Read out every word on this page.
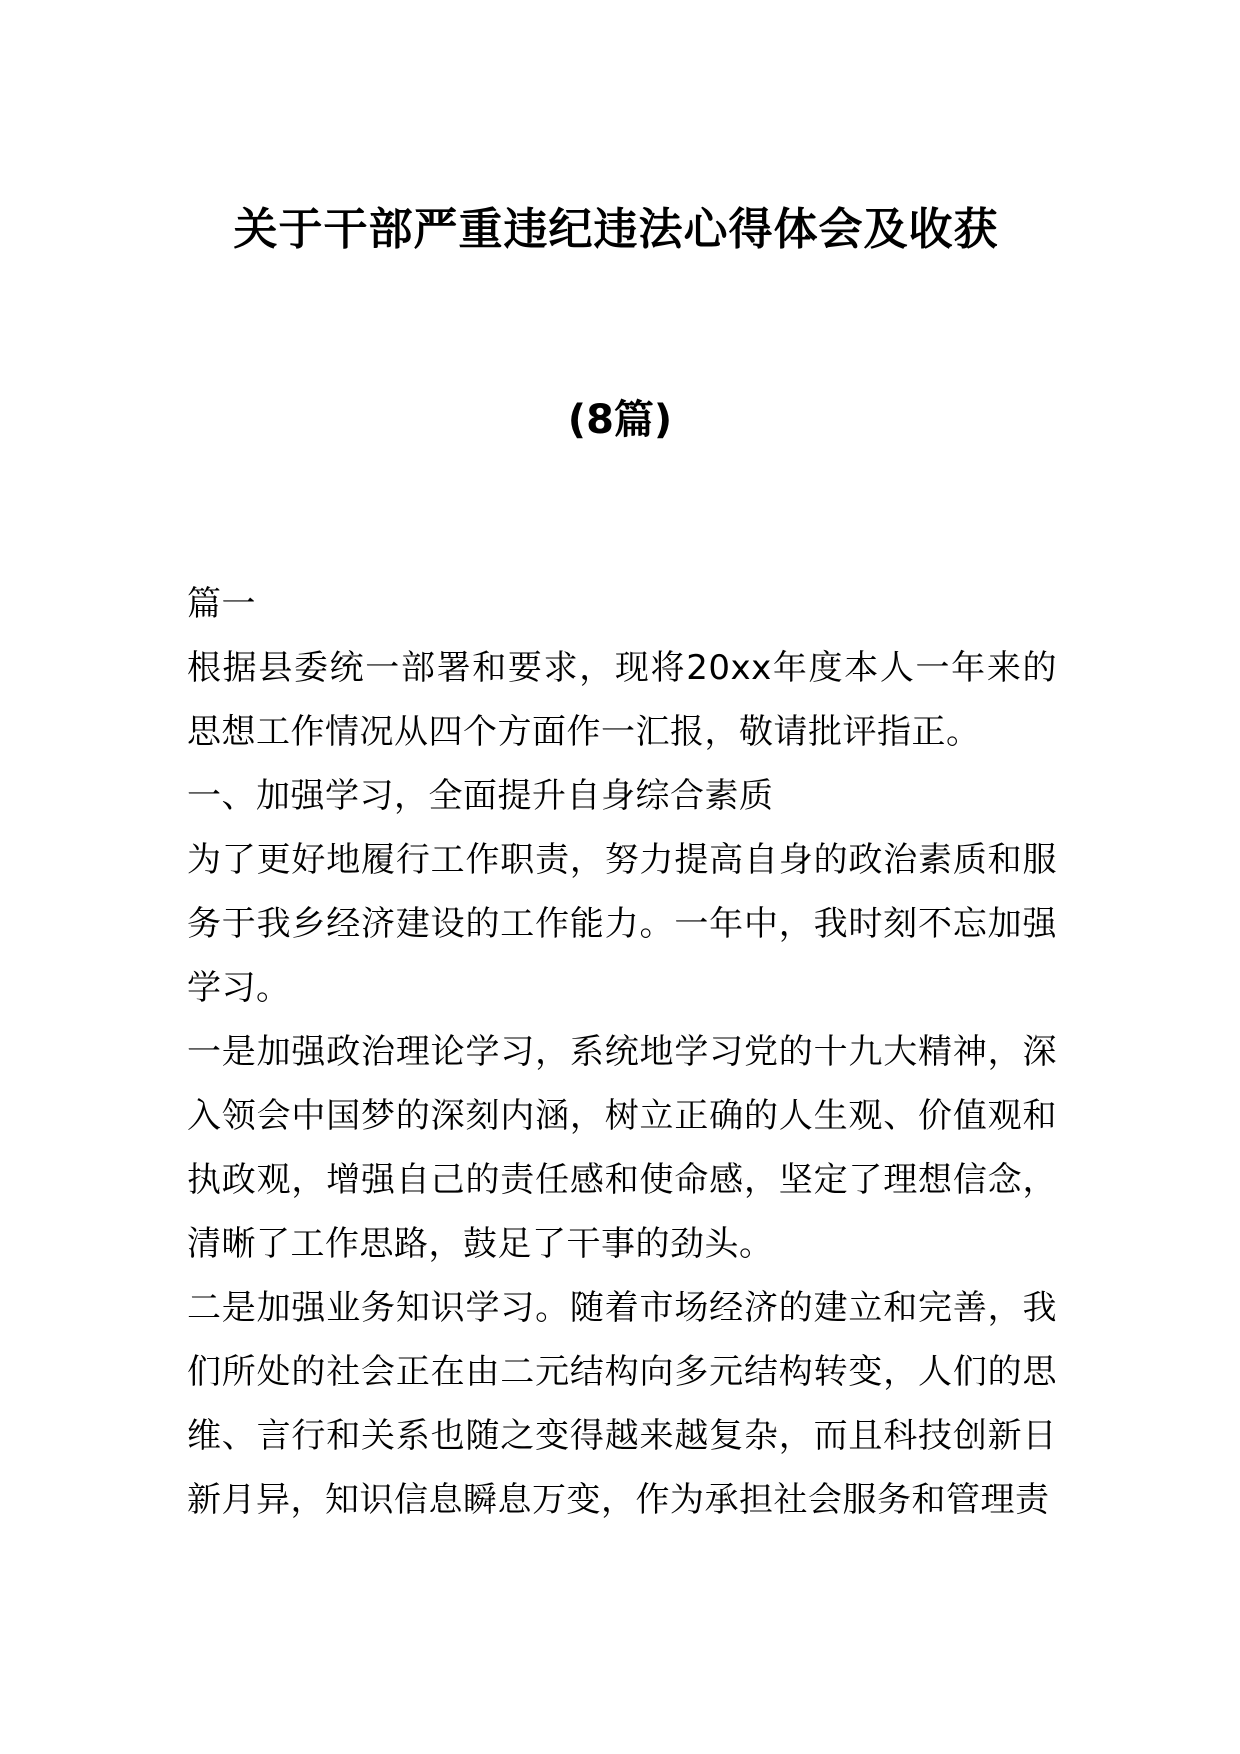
关于干部严重违纪违法心得体会及收获
(8篇)

篇一

根据县委统一部署和要求，现将20xx年度本人一年来的思想工作情况从四个方面作一汇报，敬请批评指正。

一、加强学习，全面提升自身综合素质

为了更好地履行工作职责，努力提高自身的政治素质和服务于我乡经济建设的工作能力。一年中，我时刻不忘加强学习。

一是加强政治理论学习，系统地学习党的十九大精神，深入领会中国梦的深刻内涵，树立正确的人生观、价值观和执政观，增强自己的责任感和使命感，坚定了理想信念，清晰了工作思路，鼓足了干事的劲头。

二是加强业务知识学习。随着市场经济的建立和完善，我们所处的社会正在由二元结构向多元结构转变，人们的思维、言行和关系也随之变得越来越复杂，而且科技创新日新月异，知识信息瞬息万变，作为承担社会服务和管理责
